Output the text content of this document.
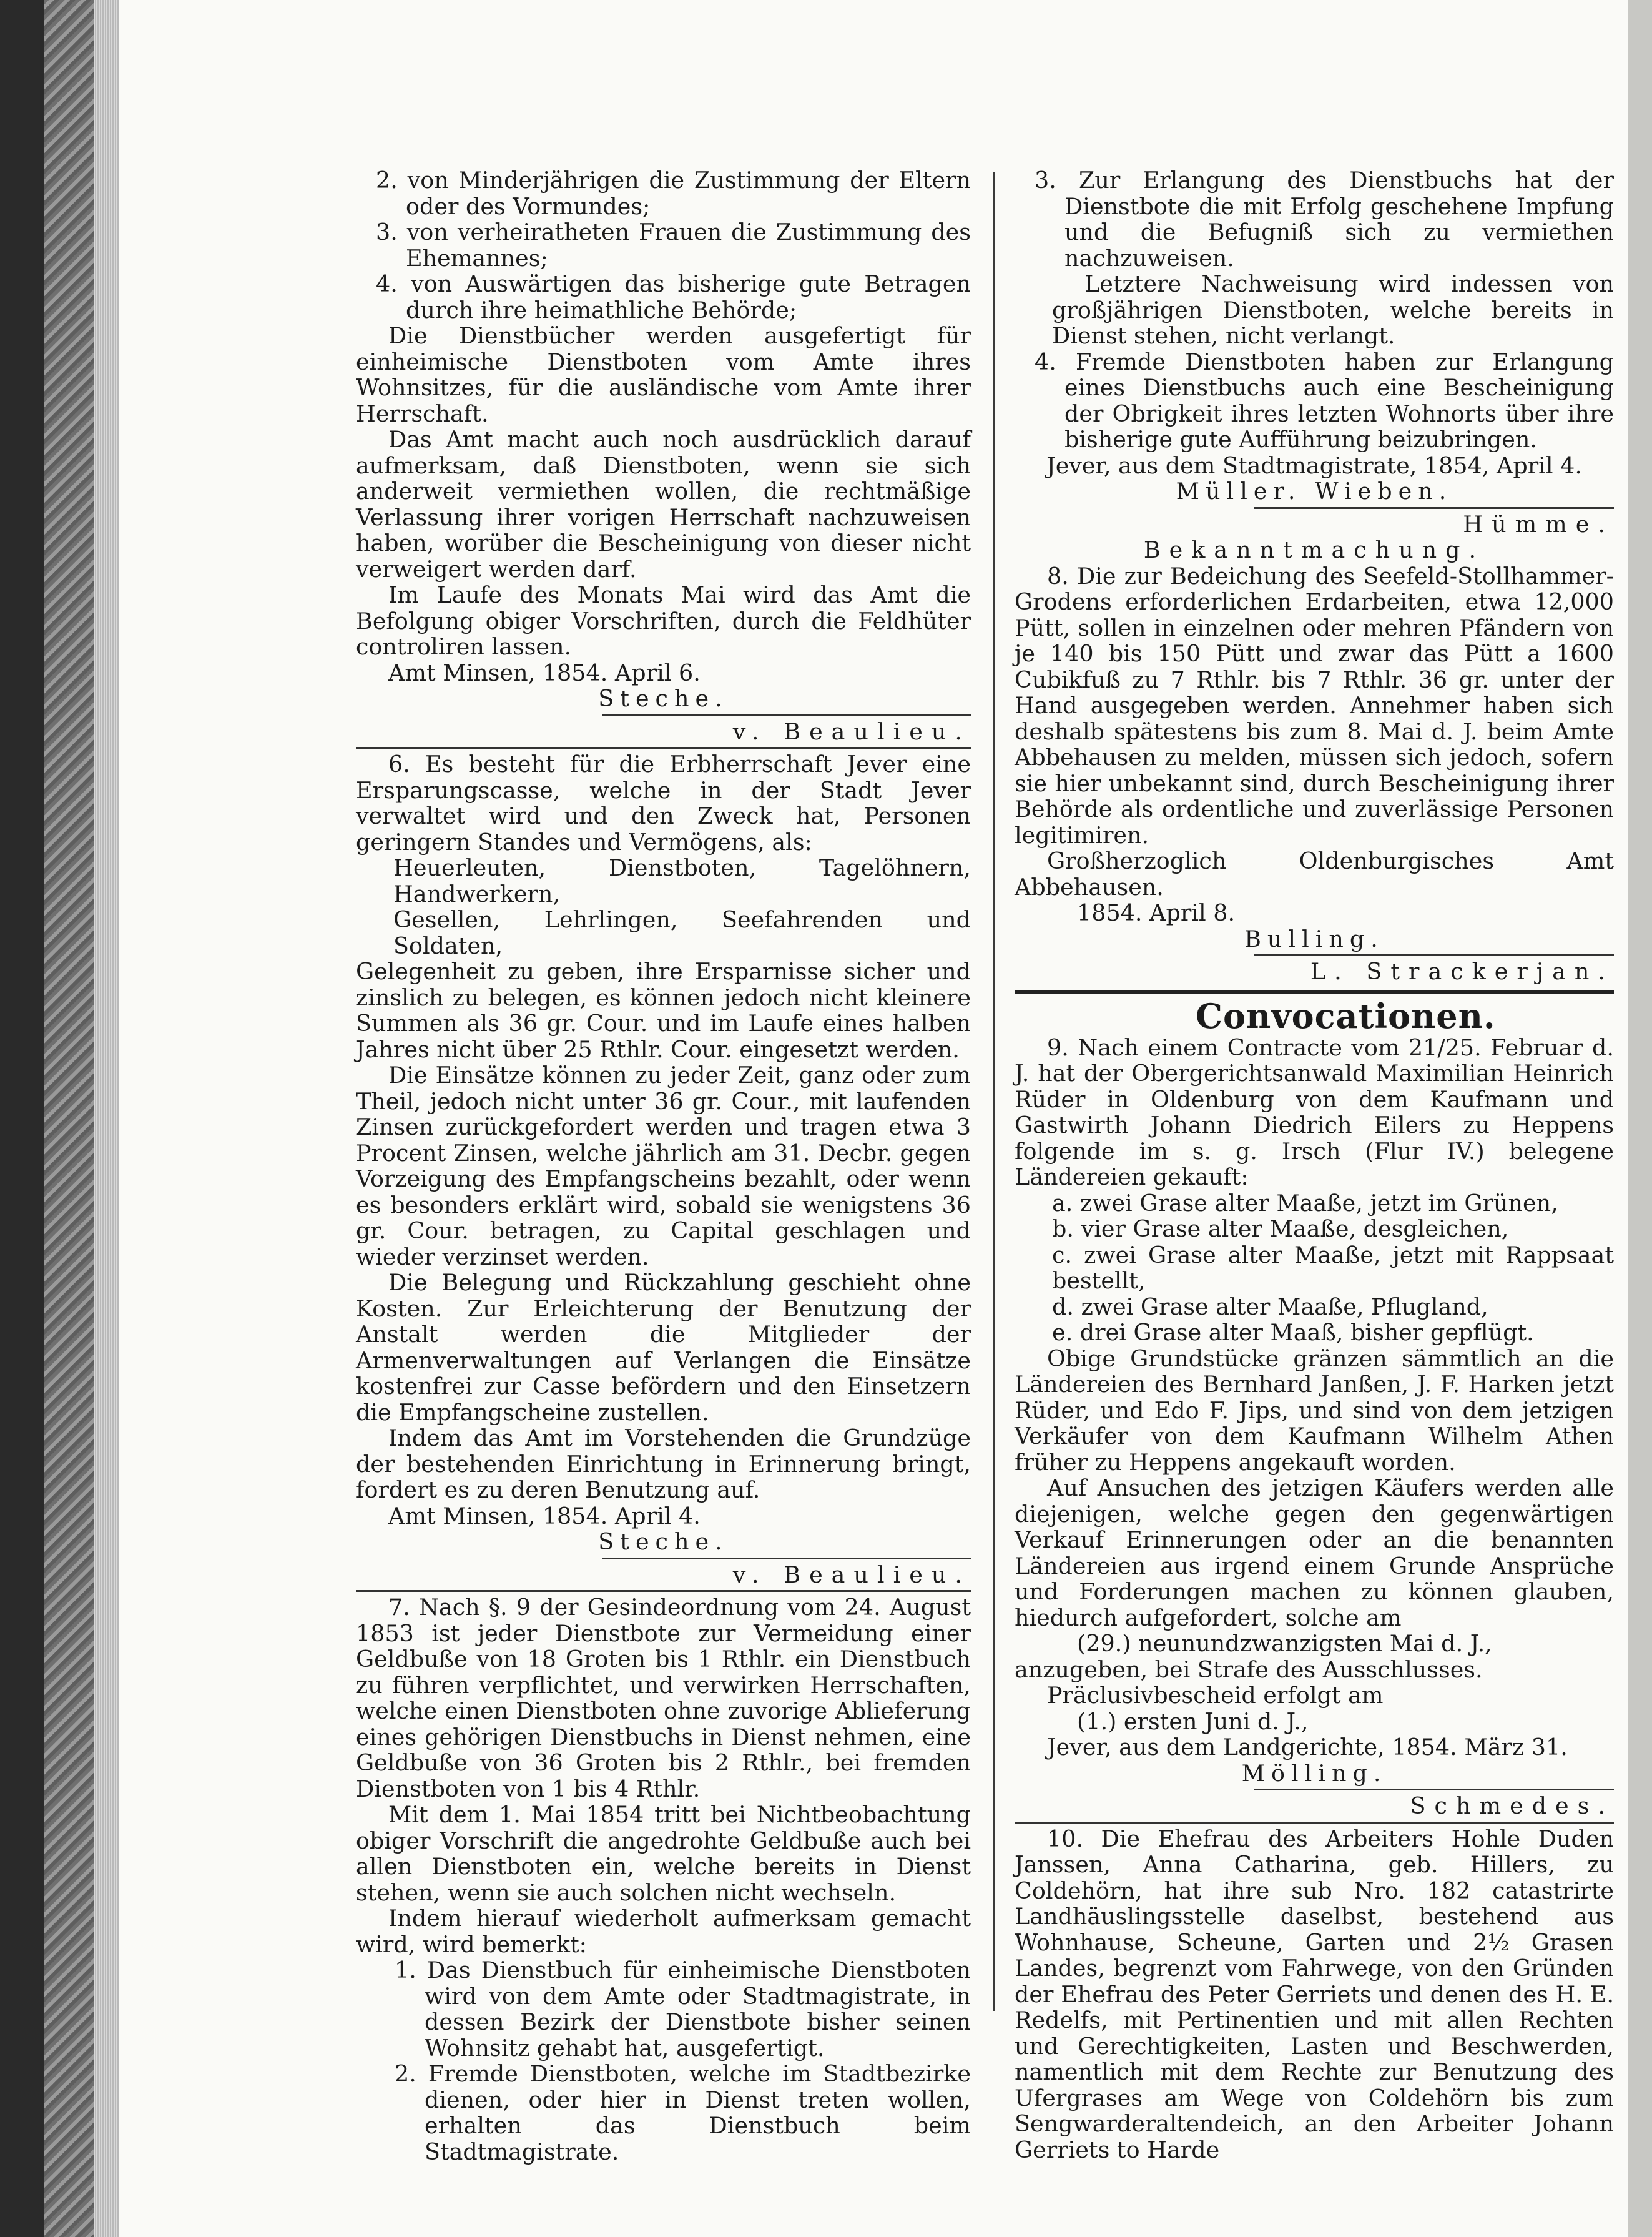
2. von Minderjährigen die Zustimmung der Eltern oder des Vormundes;

3. von verheiratheten Frauen die Zustimmung des Ehemannes;

4. von Auswärtigen das bisherige gute Betragen durch ihre heimathliche Behörde;

Die Dienstbücher werden ausgefertigt für einheimische Dienstboten vom Amte ihres Wohnsitzes, für die ausländische vom Amte ihrer Herrschaft.

Das Amt macht auch noch ausdrücklich darauf aufmerksam, daß Dienstboten, wenn sie sich anderweit vermiethen wollen, die rechtmäßige Verlassung ihrer vorigen Herrschaft nachzuweisen haben, worüber die Bescheinigung von dieser nicht verweigert werden darf.

Im Laufe des Monats Mai wird das Amt die Befolgung obiger Vorschriften, durch die Feldhüter controliren lassen.

Amt Minsen, 1854. April 6.

Steche.

v. Beaulieu.

6. Es besteht für die Erbherrschaft Jever eine Ersparungscasse, welche in der Stadt Jever verwaltet wird und den Zweck hat, Personen geringern Standes und Vermögens, als:

Heuerleuten, Dienstboten, Tagelöhnern, Handwerkern,

Gesellen, Lehrlingen, Seefahrenden und Soldaten,

Gelegenheit zu geben, ihre Ersparnisse sicher und zinslich zu belegen, es können jedoch nicht kleinere Summen als 36 gr. Cour. und im Laufe eines halben Jahres nicht über 25 Rthlr. Cour. eingesetzt werden.

Die Einsätze können zu jeder Zeit, ganz oder zum Theil, jedoch nicht unter 36 gr. Cour., mit laufenden Zinsen zurückgefordert werden und tragen etwa 3 Procent Zinsen, welche jährlich am 31. Decbr. gegen Vorzeigung des Empfangscheins bezahlt, oder wenn es besonders erklärt wird, sobald sie wenigstens 36 gr. Cour. betragen, zu Capital geschlagen und wieder verzinset werden.

Die Belegung und Rückzahlung geschieht ohne Kosten. Zur Erleichterung der Benutzung der Anstalt werden die Mitglieder der Armenverwaltungen auf Verlangen die Einsätze kostenfrei zur Casse befördern und den Einsetzern die Empfangscheine zustellen.

Indem das Amt im Vorstehenden die Grundzüge der bestehenden Einrichtung in Erinnerung bringt, fordert es zu deren Benutzung auf.

Amt Minsen, 1854. April 4.

Steche.

v. Beaulieu.

7. Nach §. 9 der Gesindeordnung vom 24. August 1853 ist jeder Dienstbote zur Vermeidung einer Geldbuße von 18 Groten bis 1 Rthlr. ein Dienstbuch zu führen verpflichtet, und verwirken Herrschaften, welche einen Dienstboten ohne zuvorige Ablieferung eines gehörigen Dienstbuchs in Dienst nehmen, eine Geldbuße von 36 Groten bis 2 Rthlr., bei fremden Dienstboten von 1 bis 4 Rthlr.

Mit dem 1. Mai 1854 tritt bei Nichtbeobachtung obiger Vorschrift die angedrohte Geldbuße auch bei allen Dienstboten ein, welche bereits in Dienst stehen, wenn sie auch solchen nicht wechseln.

Indem hierauf wiederholt aufmerksam gemacht wird, wird bemerkt:

1. Das Dienstbuch für einheimische Dienstboten wird von dem Amte oder Stadtmagistrate, in dessen Bezirk der Dienstbote bisher seinen Wohnsitz gehabt hat, ausgefertigt.

2. Fremde Dienstboten, welche im Stadtbezirke dienen, oder hier in Dienst treten wollen, erhalten das Dienstbuch beim Stadtmagistrate.

3. Zur Erlangung des Dienstbuchs hat der Dienstbote die mit Erfolg geschehene Impfung und die Befugniß sich zu vermiethen nachzuweisen.

Letztere Nachweisung wird indessen von großjährigen Dienstboten, welche bereits in Dienst stehen, nicht verlangt.

4. Fremde Dienstboten haben zur Erlangung eines Dienstbuchs auch eine Bescheinigung der Obrigkeit ihres letzten Wohnorts über ihre bisherige gute Aufführung beizubringen.

Jever, aus dem Stadtmagistrate, 1854, April 4.

Müller. Wieben.

Hümme.

Bekanntmachung.

8. Die zur Bedeichung des Seefeld-Stollhammer-Grodens erforderlichen Erdarbeiten, etwa 12,000 Pütt, sollen in einzelnen oder mehren Pfändern von je 140 bis 150 Pütt und zwar das Pütt a 1600 Cubikfuß zu 7 Rthlr. bis 7 Rthlr. 36 gr. unter der Hand ausgegeben werden. Annehmer haben sich deshalb spätestens bis zum 8. Mai d. J. beim Amte Abbehausen zu melden, müssen sich jedoch, sofern sie hier unbekannt sind, durch Bescheinigung ihrer Behörde als ordentliche und zuverlässige Personen legitimiren.

Großherzoglich Oldenburgisches Amt Abbehausen.

1854. April 8.

Bulling.

L. Strackerjan.

Convocationen.

9. Nach einem Contracte vom 21/25. Februar d. J. hat der Obergerichtsanwald Maximilian Heinrich Rüder in Oldenburg von dem Kaufmann und Gastwirth Johann Diedrich Eilers zu Heppens folgende im s. g. Irsch (Flur IV.) belegene Ländereien gekauft:

a. zwei Grase alter Maaße, jetzt im Grünen,

b. vier Grase alter Maaße, desgleichen,

c. zwei Grase alter Maaße, jetzt mit Rappsaat bestellt,

d. zwei Grase alter Maaße, Pflugland,

e. drei Grase alter Maaß, bisher gepflügt.

Obige Grundstücke gränzen sämmtlich an die Ländereien des Bernhard Janßen, J. F. Harken jetzt Rüder, und Edo F. Jips, und sind von dem jetzigen Verkäufer von dem Kaufmann Wilhelm Athen früher zu Heppens angekauft worden.

Auf Ansuchen des jetzigen Käufers werden alle diejenigen, welche gegen den gegenwärtigen Verkauf Erinnerungen oder an die benannten Ländereien aus irgend einem Grunde Ansprüche und Forderungen machen zu können glauben, hiedurch aufgefordert, solche am

(29.) neunundzwanzigsten Mai d. J.,

anzugeben, bei Strafe des Ausschlusses.

Präclusivbescheid erfolgt am

(1.) ersten Juni d. J.,

Jever, aus dem Landgerichte, 1854. März 31.

Mölling.

Schmedes.

10. Die Ehefrau des Arbeiters Hohle Duden Janssen, Anna Catharina, geb. Hillers, zu Coldehörn, hat ihre sub Nro. 182 catastrirte Landhäuslingsstelle daselbst, bestehend aus Wohnhause, Scheune, Garten und 2½ Grasen Landes, begrenzt vom Fahrwege, von den Gründen der Ehefrau des Peter Gerriets und denen des H. E. Redelfs, mit Pertinentien und mit allen Rechten und Gerechtigkeiten, Lasten und Beschwerden, namentlich mit dem Rechte zur Benutzung des Ufergrases am Wege von Coldehörn bis zum Sengwarderaltendeich, an den Arbeiter Johann Gerriets to Harde
